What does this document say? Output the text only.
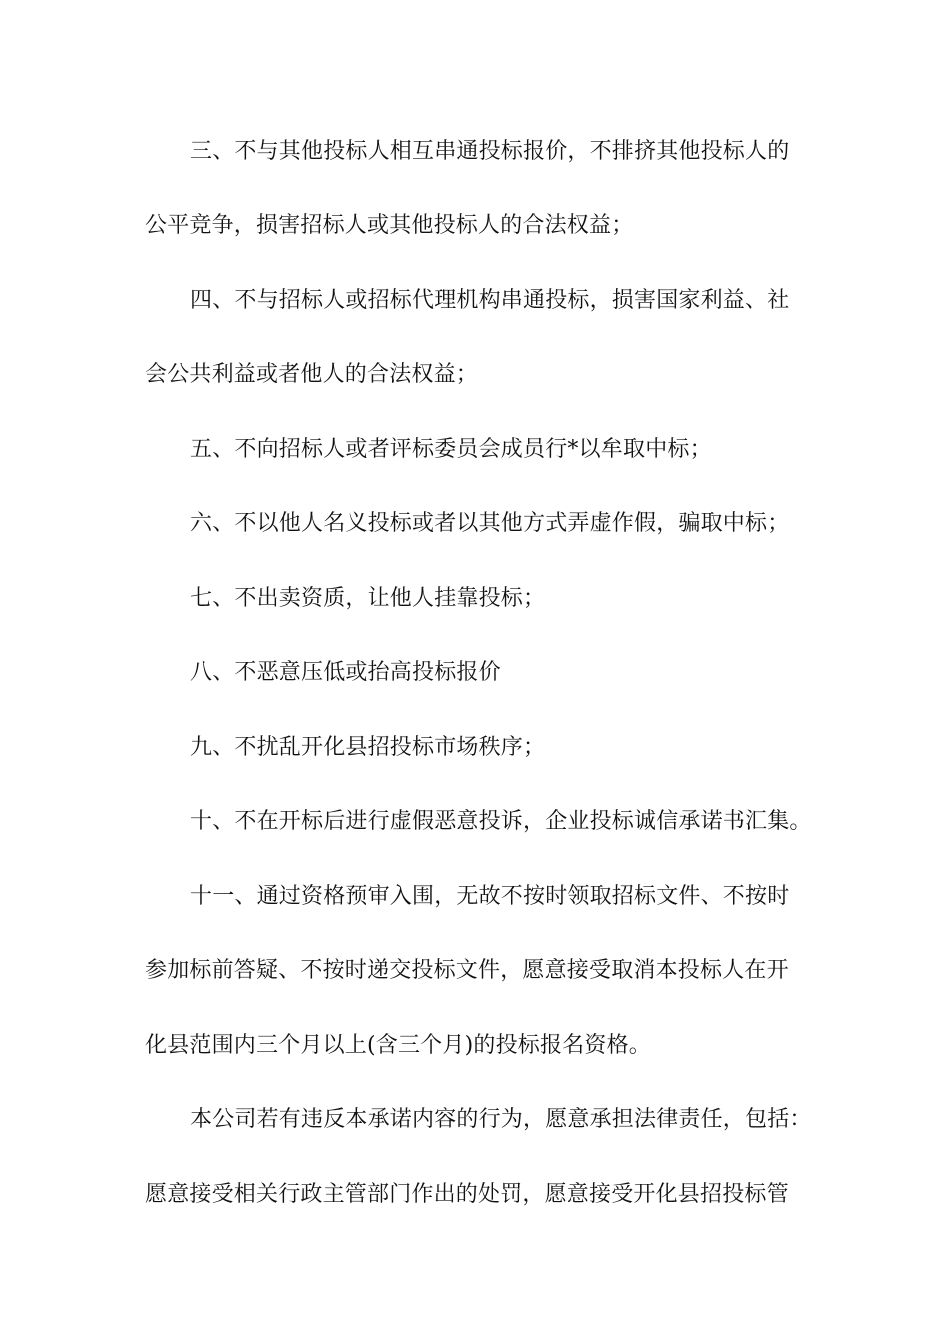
三、不与其他投标人相互串通投标报价，不排挤其他投标人的

公平竞争，损害招标人或其他投标人的合法权益；

四、不与招标人或招标代理机构串通投标，损害国家利益、社

会公共利益或者他人的合法权益；

五、不向招标人或者评标委员会成员行*以牟取中标；

六、不以他人名义投标或者以其他方式弄虚作假，骗取中标；

七、不出卖资质，让他人挂靠投标；

八、不恶意压低或抬高投标报价

九、不扰乱开化县招投标市场秩序；

十、不在开标后进行虚假恶意投诉，企业投标诚信承诺书汇集。

十一、通过资格预审入围，无故不按时领取招标文件、不按时

参加标前答疑、不按时递交投标文件，愿意接受取消本投标人在开

化县范围内三个月以上(含三个月)的投标报名资格。

本公司若有违反本承诺内容的行为，愿意承担法律责任，包括：

愿意接受相关行政主管部门作出的处罚，愿意接受开化县招投标管
